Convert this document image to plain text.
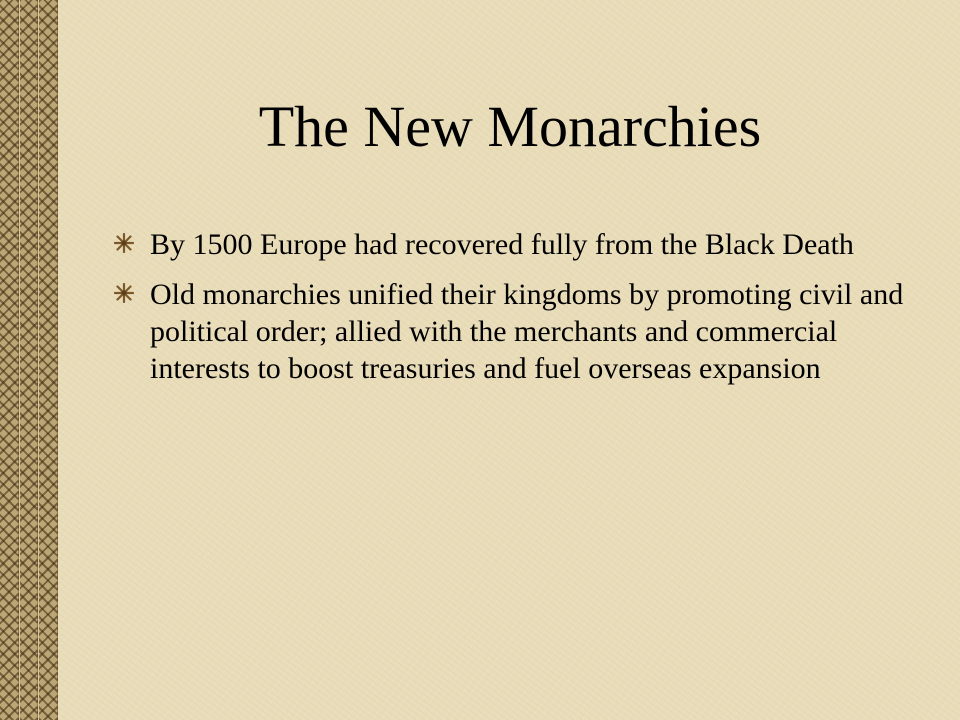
The New Monarchies
By 1500 Europe had recovered fully from the Black Death
Old monarchies unified their kingdoms by promoting civil and political order; allied with the merchants and commercial interests to boost treasuries and fuel overseas expansion
